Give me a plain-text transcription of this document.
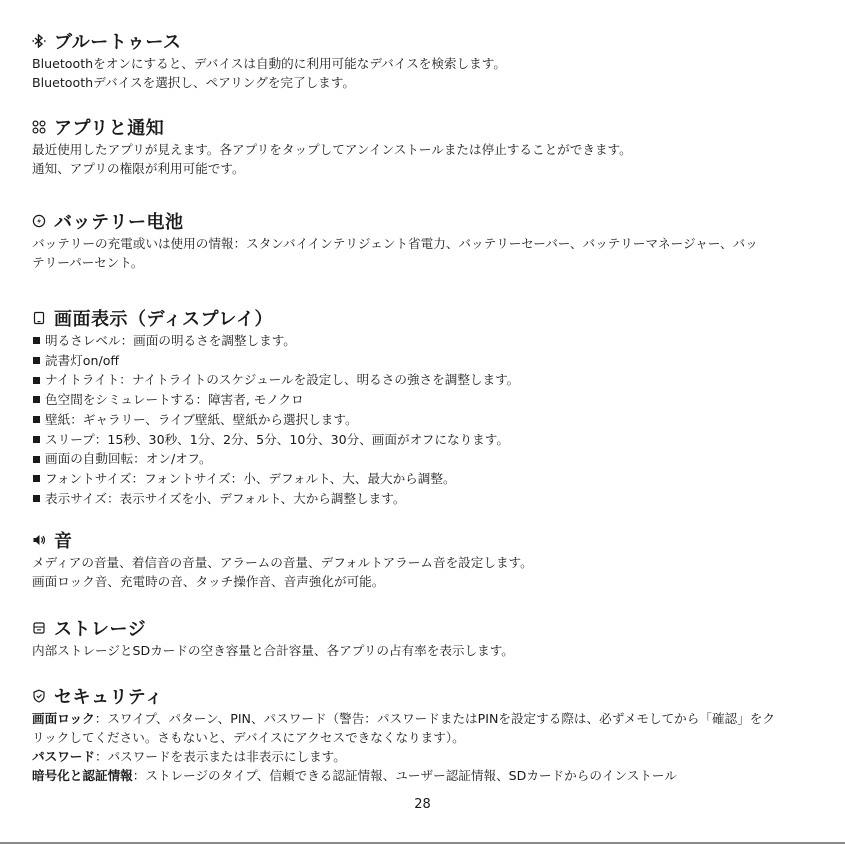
ブルートゥース

Bluetoothをオンにすると、デバイスは自動的に利用可能なデバイスを検索します。

Bluetoothデバイスを選択し、ペアリングを完了します。

アプリと通知

最近使用したアプリが見えます。各アプリをタップしてアンインストールまたは停止することができます。

通知、アプリの権限が利用可能です。

バッテリー电池

バッテリーの充電或いは使用の情報：スタンバイインテリジェント省電力、バッテリーセーバー、バッテリーマネージャー、バッ

テリーパーセント。

画面表示（ディスプレイ）
明るさレベル：画面の明るさを調整します。
読書灯on/off
ナイトライト：ナイトライトのスケジュールを設定し、明るさの強さを調整します。
色空間をシミュレートする：障害者, モノクロ
壁紙：ギャラリー、ライブ壁紙、壁紙から選択します。
スリープ：15秒、30秒、1分、2分、5分、10分、30分、画面がオフになります。
画面の自動回転：オン/オフ。
フォントサイズ：フォントサイズ：小、デフォルト、大、最大から調整。
表示サイズ：表示サイズを小、デフォルト、大から調整します。
音

メディアの音量、着信音の音量、アラームの音量、デフォルトアラーム音を設定します。

画面ロック音、充電時の音、タッチ操作音、音声強化が可能。

ストレージ

内部ストレージとSDカードの空き容量と合計容量、各アプリの占有率を表示します。

セキュリティ

画面ロック：スワイプ、パターン、PIN、パスワード（警告：パスワードまたはPINを設定する際は、必ずメモしてから「確認」をク

リックしてください。さもないと、デバイスにアクセスできなくなります）。

パスワード：パスワードを表示または非表示にします。

暗号化と認証情報：ストレージのタイプ、信頼できる認証情報、ユーザー認証情報、SDカードからのインストール

28
